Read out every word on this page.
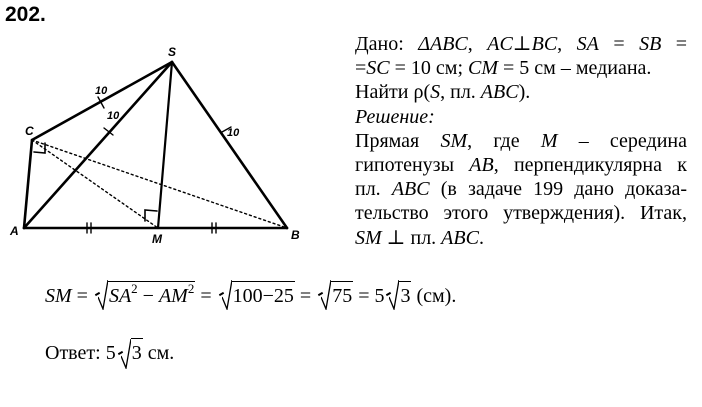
202.
S
C
A
M	B
10
10
10

Дано: ΔABC, AC⊥BC, SA = SB =

=SC = 10 см; CM = 5 см – медиана.

Найти ρ(S, пл. ABC).

Решение:

Прямая SM, где M – середина

гипотенузы AB, перпендикулярна к

пл. ABC (в задаче 199 дано доказа-

тельство этого утверждения). Итак,

SM ⊥ пл. ABC.

SM =
$SA^2 - AM^2$ =
100−25 =
75 = 5 3 (см).
Ответ: 5 3 см.
